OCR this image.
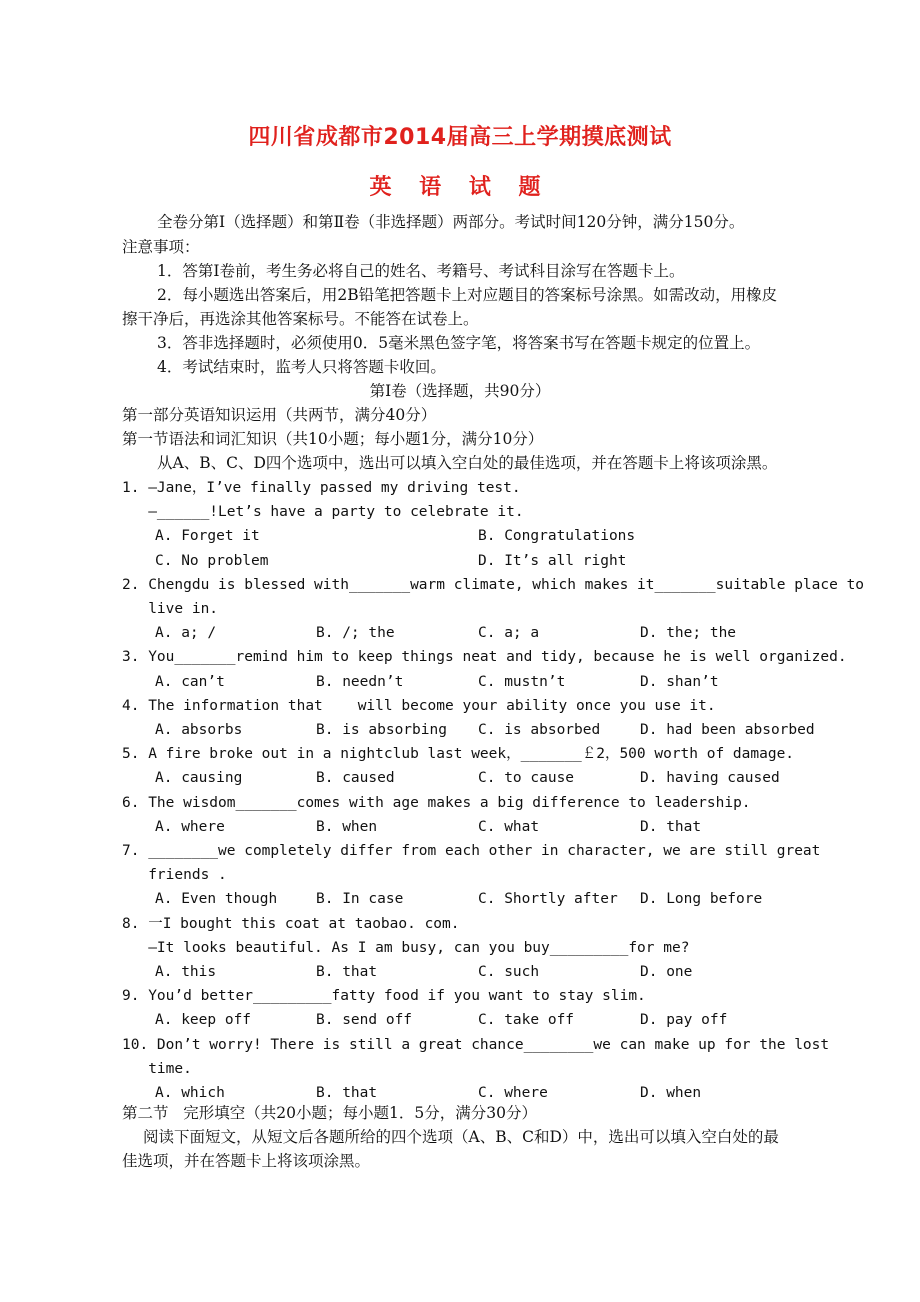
四川省成都市2014届高三上学期摸底测试
英 语 试 题
全卷分第Ⅰ（选择题）和第Ⅱ卷（非选择题）两部分。考试时间120分钟，满分150分。
注意事项：
1．答第Ⅰ卷前，考生务必将自己的姓名、考籍号、考试科目涂写在答题卡上。
2．每小题选出答案后，用2B铅笔把答题卡上对应题目的答案标号涂黑。如需改动，用橡皮
擦干净后，再选涂其他答案标号。不能答在试卷上。
3．答非选择题时，必须使用0．5毫米黑色签字笔，将答案书写在答题卡规定的位置上。
4．考试结束时，监考人只将答题卡收回。
第Ⅰ卷（选择题，共90分）
第一部分英语知识运用（共两节，满分40分）
第一节语法和词汇知识（共10小题；每小题1分，满分10分）
从A、B、C、D四个选项中，选出可以填入空白处的最佳选项，并在答题卡上将该项涂黑。
1. —Jane，I’ve finally passed my driving test.
—______!Let’s have a party to celebrate it.
A. Forget it	B. Congratulations
C. No problem	D. It’s all right
2. Chengdu is blessed with_______warm climate, which makes it_______suitable place to
live in.
A. a; /	B. /; the	C. a; a	D. the; the
3. You_______remind him to keep things neat and tidy, because he is well organized.
A. can’t	B. needn’t	C. mustn’t	D. shan’t
4. The information that    will become your ability once you use it.
A. absorbs	B. is absorbing C. is absorbed	D. had been absorbed
5. A fire broke out in a nightclub last week，_______￡2，500 worth of damage.
A. causing	B. caused	C. to cause	D. having caused
6. The wisdom_______comes with age makes a big difference to leadership.
A. where	B. when	C. what	D. that
7. ________we completely differ from each other in character, we are still great
friends .
A. Even though	B. In case	C. Shortly after D. Long before
8. 一I bought this coat at taobao. com.
—It looks beautiful. As I am busy, can you buy_________for me?
A. this	B. that	C. such	D. one
9. You’d better_________fatty food if you want to stay slim.
A. keep off	B. send off	C. take off	D. pay off
10. Don’t worry! There is still a great chance________we can make up for the lost
time.
A. which	B. that	C. where	D. when
第二节   完形填空（共20小题；每小题1．5分，满分30分）
阅读下面短文，从短文后各题所给的四个选项（A、B、C和D）中，选出可以填入空白处的最
佳选项，并在答题卡上将该项涂黑。
